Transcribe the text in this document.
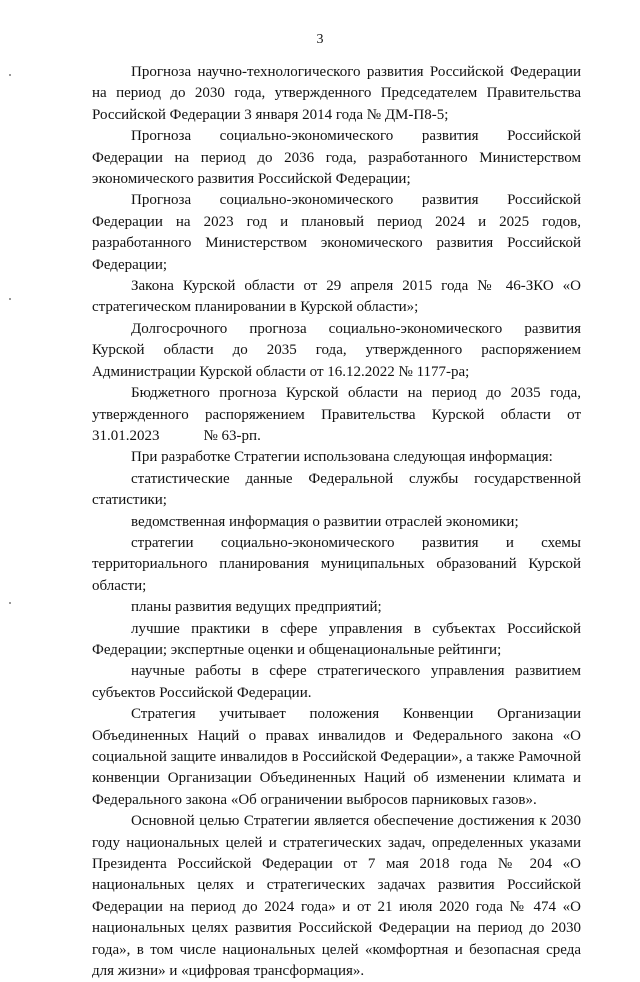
3

Прогноза научно-технологического развития Российской Федерации на период до 2030 года, утвержденного Председателем Правительства Российской Федерации 3 января 2014 года № ДМ-П8-5;

Прогноза социально-экономического развития Российской Федерации на период до 2036 года, разработанного Министерством экономического развития Российской Федерации;

Прогноза социально-экономического развития Российской Федерации на 2023 год и плановый период 2024 и 2025 годов, разработанного Министерством экономического развития Российской Федерации;

Закона Курской области от 29 апреля 2015 года № 46-ЗКО «О стратегическом планировании в Курской области»;

Долгосрочного прогноза социально-экономического развития Курской области до 2035 года, утвержденного распоряжением Администрации Курской области от 16.12.2022 № 1177-ра;

Бюджетного прогноза Курской области на период до 2035 года, утвержденного распоряжением Правительства Курской области от 31.01.2023	№ 63-рп.

При разработке Стратегии использована следующая информация:

статистические данные Федеральной службы государственной статистики;

ведомственная информация о развитии отраслей экономики;

стратегии социально-экономического развития и схемы территориального планирования муниципальных образований Курской области;

планы развития ведущих предприятий;

лучшие практики в сфере управления в субъектах Российской Федерации; экспертные оценки и общенациональные рейтинги;

научные работы в сфере стратегического управления развитием субъектов Российской Федерации.

Стратегия учитывает положения Конвенции Организации Объединенных Наций о правах инвалидов и Федерального закона «О социальной защите инвалидов в Российской Федерации», а также Рамочной конвенции Организации Объединенных Наций об изменении климата и Федерального закона «Об ограничении выбросов парниковых газов».

Основной целью Стратегии является обеспечение достижения к 2030 году национальных целей и стратегических задач, определенных указами Президента Российской Федерации от 7 мая 2018 года № 204 «О национальных целях и стратегических задачах развития Российской Федерации на период до 2024 года» и от 21 июля 2020 года № 474 «О национальных целях развития Российской Федерации на период до 2030 года», в том числе национальных целей «комфортная и безопасная среда для жизни» и «цифровая трансформация».
